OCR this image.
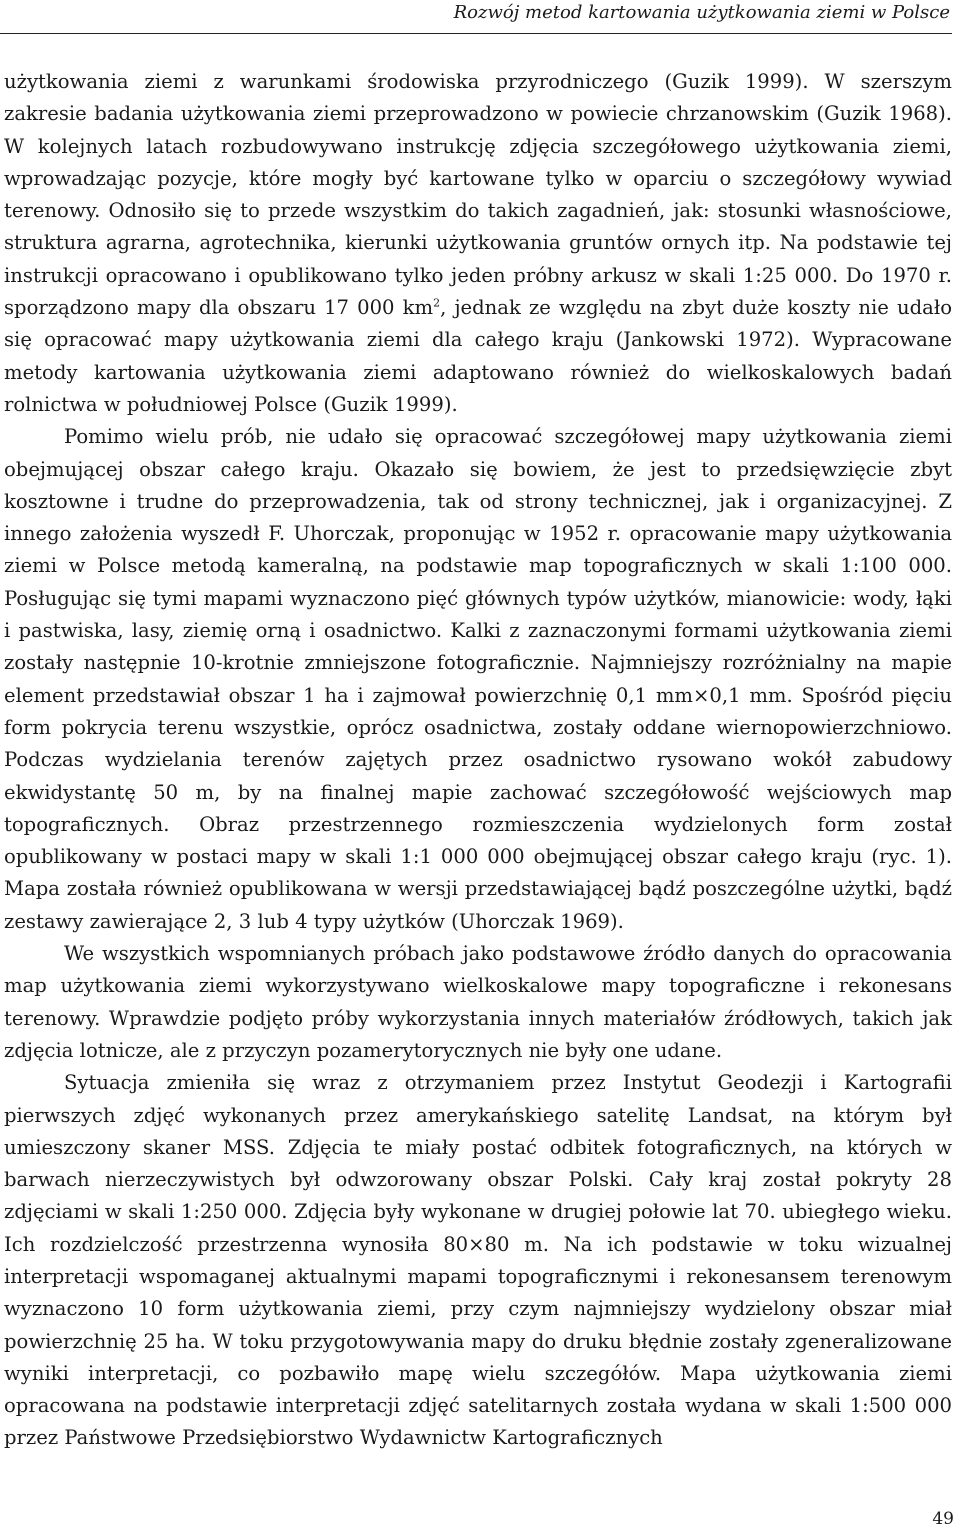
Rozwój metod kartowania użytkowania ziemi w Polsce

użytkowania ziemi z warunkami środowiska przyrodniczego (Guzik 1999). W szerszym zakresie badania użytkowania ziemi przeprowadzono w powiecie chrzanowskim (Guzik 1968). W kolejnych latach rozbudowywano instrukcję zdjęcia szczegółowego użytkowania ziemi, wprowadzając pozycje, które mogły być kartowane tylko w oparciu o szczegółowy wywiad terenowy. Odnosiło się to przede wszystkim do takich zagadnień, jak: stosunki własnościowe, struktura agrarna, agrotechnika, kierunki użytkowania gruntów ornych itp. Na podstawie tej instrukcji opracowano i opublikowano tylko jeden próbny arkusz w skali 1:25 000. Do 1970 r. sporządzono mapy dla obszaru 17 000 $km^2$, jednak ze względu na zbyt duże koszty nie udało się opracować mapy użytkowania ziemi dla całego kraju (Jankowski 1972). Wypracowane metody kartowania użytkowania ziemi adaptowano również do wielkoskalowych badań rolnictwa w południowej Polsce (Guzik 1999).

Pomimo wielu prób, nie udało się opracować szczegółowej mapy użytkowania ziemi obejmującej obszar całego kraju. Okazało się bowiem, że jest to przedsięwzięcie zbyt kosztowne i trudne do przeprowadzenia, tak od strony technicznej, jak i organizacyjnej. Z innego założenia wyszedł F. Uhorczak, proponując w 1952 r. opracowanie mapy użytkowania ziemi w Polsce metodą kameralną, na podstawie map topograficznych w skali 1:100 000. Posługując się tymi mapami wyznaczono pięć głównych typów użytków, mianowicie: wody, łąki i pastwiska, lasy, ziemię orną i osadnictwo. Kalki z zaznaczonymi formami użytkowania ziemi zostały następnie 10-krotnie zmniejszone fotograficznie. Najmniejszy rozróżnialny na mapie element przedstawiał obszar 1 ha i zajmował powierzchnię 0,1 mm×0,1 mm. Spośród pięciu form pokrycia terenu wszystkie, oprócz osadnictwa, zostały oddane wiernopowierzchniowo. Podczas wydzielania terenów zajętych przez osadnictwo rysowano wokół zabudowy ekwidystantę 50 m, by na finalnej mapie zachować szczegółowość wejściowych map topograficznych. Obraz przestrzennego rozmieszczenia wydzielonych form został opublikowany w postaci mapy w skali 1:1 000 000 obejmującej obszar całego kraju (ryc. 1). Mapa została również opublikowana w wersji przedstawiającej bądź poszczególne użytki, bądź zestawy zawierające 2, 3 lub 4 typy użytków (Uhorczak 1969).

We wszystkich wspomnianych próbach jako podstawowe źródło danych do opracowania map użytkowania ziemi wykorzystywano wielkoskalowe mapy topograficzne i rekonesans terenowy. Wprawdzie podjęto próby wykorzystania innych materiałów źródłowych, takich jak zdjęcia lotnicze, ale z przyczyn pozamerytorycznych nie były one udane.

Sytuacja zmieniła się wraz z otrzymaniem przez Instytut Geodezji i Kartografii pierwszych zdjęć wykonanych przez amerykańskiego satelitę Landsat, na którym był umieszczony skaner MSS. Zdjęcia te miały postać odbitek fotograficznych, na których w barwach nierzeczywistych był odwzorowany obszar Polski. Cały kraj został pokryty 28 zdjęciami w skali 1:250 000. Zdjęcia były wykonane w drugiej połowie lat 70. ubiegłego wieku. Ich rozdzielczość przestrzenna wynosiła 80×80 m. Na ich podstawie w toku wizualnej interpretacji wspomaganej aktualnymi mapami topograficznymi i rekonesansem terenowym wyznaczono 10 form użytkowania ziemi, przy czym najmniejszy wydzielony obszar miał powierzchnię 25 ha. W toku przygotowywania mapy do druku błędnie zostały zgeneralizowane wyniki interpretacji, co pozbawiło mapę wielu szczegółów. Mapa użytkowania ziemi opracowana na podstawie interpretacji zdjęć satelitarnych została wydana w skali 1:500 000 przez Państwowe Przedsiębiorstwo Wydawnictw Kartograficznych

49
